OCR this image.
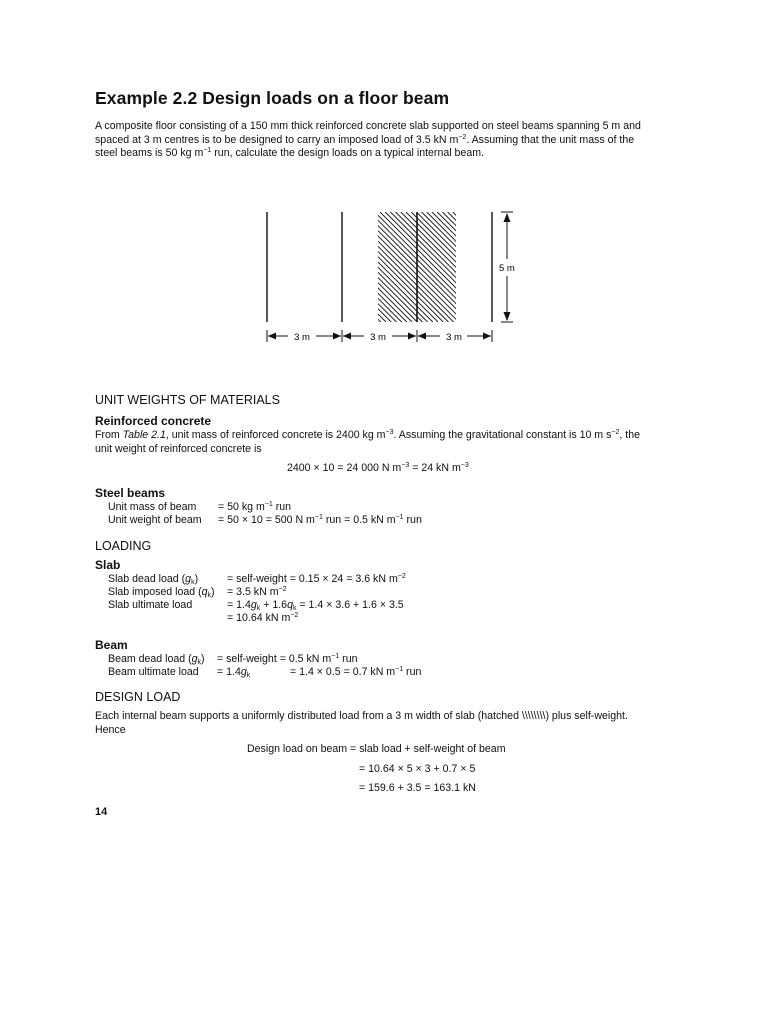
Example 2.2 Design loads on a floor beam
A composite floor consisting of a 150 mm thick reinforced concrete slab supported on steel beams spanning 5 m and
spaced at 3 m centres is to be designed to carry an imposed load of 3.5 kN $m^{-2}$. Assuming that the unit mass of the
steel beams is 50 kg $m^{-1}$ run, calculate the design loads on a typical internal beam.
5 m
3 m	3 m	3 m
UNIT WEIGHTS OF MATERIALS
Reinforced concrete
From Table 2.1, unit mass of reinforced concrete is 2400 kg $m^{-3}$. Assuming the gravitational constant is 10 m $s^{-2}$, the
unit weight of reinforced concrete is
2400 × 10 = 24 000 N $m^{-3} = 24$ kN $m^{-3}$
Steel beams
Unit mass of beam = 50 kg $m^{-1}$ run
Unit weight of beam = 50 × 10 = 500 N $m^{-1}$ run = 0.5 kN $m^{-1}$ run
LOADING
Slab
Slab dead load $(g_k)$	= self-weight = 0.15 × 24 = 3.6 kN $m^{-2}$
Slab imposed load $(q_k) = 3.5$ kN $m^{-2}$
Slab ultimate load	= $1.4g_k + 1.6q_k = 1.4 \times 3.6 + 1.6 \times 3.5$
= 10.64 kN $m^{-2}$
Beam
Beam dead load $(g_k)$ = self-weight = 0.5 kN $m^{-1}$ run
Beam ultimate load = $1.4g_k$	= 1.4 × 0.5 = 0.7 kN $m^{-1}$ run
DESIGN LOAD
Each internal beam supports a uniformly distributed load from a 3 m width of slab (hatched \\\\\\\\) plus self-weight.
Hence
Design load on beam = slab load + self-weight of beam
= 10.64 × 5 × 3 + 0.7 × 5
= 159.6 + 3.5 = 163.1 kN
14
